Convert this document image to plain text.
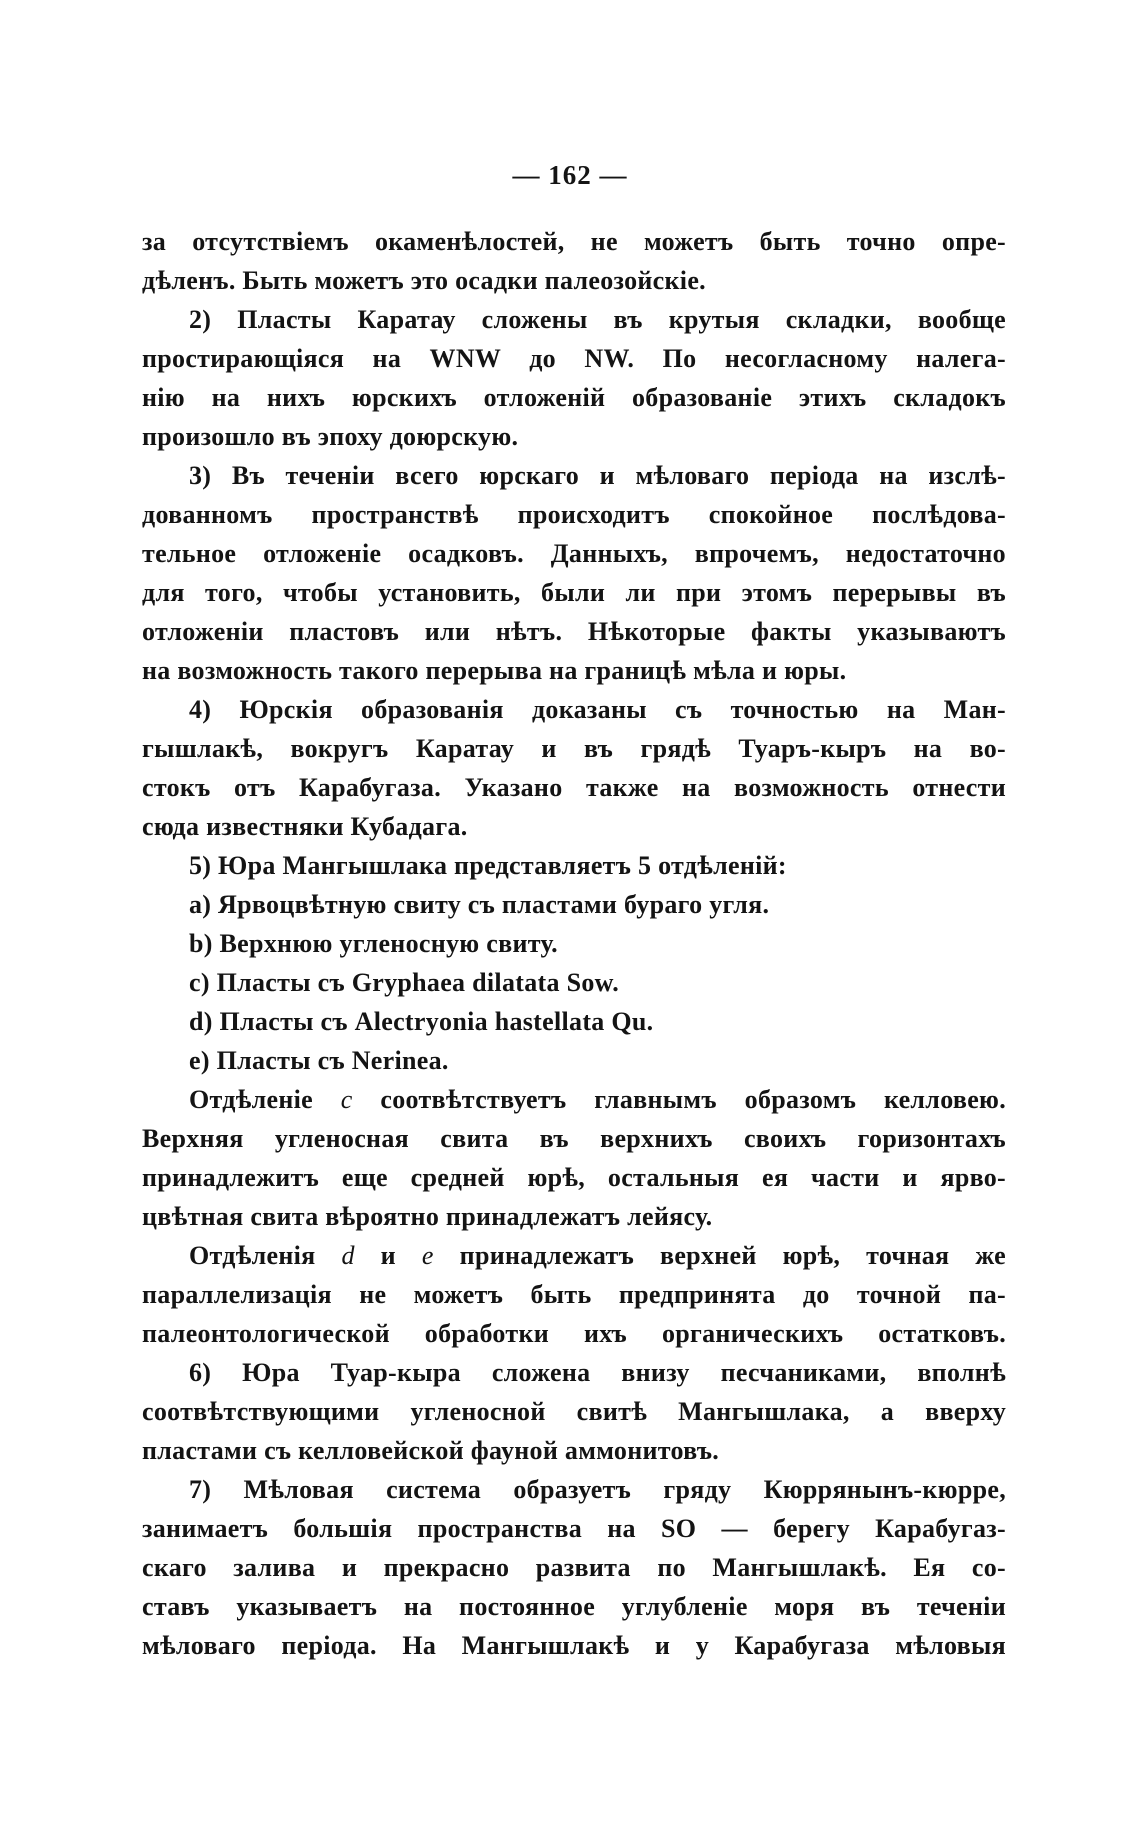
— 162 —
за отсутствіемъ окаменѣлостей, не можетъ быть точно опре-
дѣленъ. Быть можетъ это осадки палеозойскіе.
2) Пласты Каратау сложены въ крутыя складки, вообще
простирающіяся на WNW до NW. По несогласному налега-
нію на нихъ юрскихъ отложеній образованіе этихъ складокъ
произошло въ эпоху доюрскую.
3) Въ теченіи всего юрскаго и мѣловаго періода на изслѣ-
дованномъ пространствѣ происходитъ спокойное послѣдова-
тельное отложеніе осадковъ. Данныхъ, впрочемъ, недостаточно
для того, чтобы установить, были ли при этомъ перерывы въ
отложеніи пластовъ или нѣтъ. Нѣкоторые факты указываютъ
на возможность такого перерыва на границѣ мѣла и юры.
4) Юрскія образованія доказаны съ точностью на Ман-
гышлакѣ, вокругъ Каратау и въ грядѣ Туаръ-кыръ на во-
стокъ отъ Карабугаза. Указано также на возможность отнести
сюда известняки Кубадага.
5) Юра Мангышлака представляетъ 5 отдѣленій:
а) Ярвоцвѣтную свиту съ пластами бураго угля.
b) Верхнюю угленосную свиту.
c) Пласты съ Gryphaea dilatata Sow.
d) Пласты съ Alectryonia hastellata Qu.
e) Пласты съ Nerinea.
Отдѣленіе c соотвѣтствуетъ главнымъ образомъ келловею.
Верхняя угленосная свита въ верхнихъ своихъ горизонтахъ
принадлежитъ еще средней юрѣ, остальныя ея части и ярво-
цвѣтная свита вѣроятно принадлежатъ лейясу.
Отдѣленія d и e принадлежатъ верхней юрѣ, точная же
параллелизація не можетъ быть предпринята до точной па-
палеонтологической обработки ихъ органическихъ остатковъ.
6) Юра Туар-кыра сложена внизу песчаниками, вполнѣ
соотвѣтствующими угленосной свитѣ Мангышлака, а вверху
пластами съ келловейской фауной аммонитовъ.
7) Мѣловая система образуетъ гряду Кюррянынъ-кюрре,
занимаетъ большія пространства на SO — берегу Карабугаз-
скаго залива и прекрасно развита по Мангышлакѣ. Ея со-
ставъ указываетъ на постоянное углубленіе моря въ теченіи
мѣловаго періода. На Мангышлакѣ и у Карабугаза мѣловыя
